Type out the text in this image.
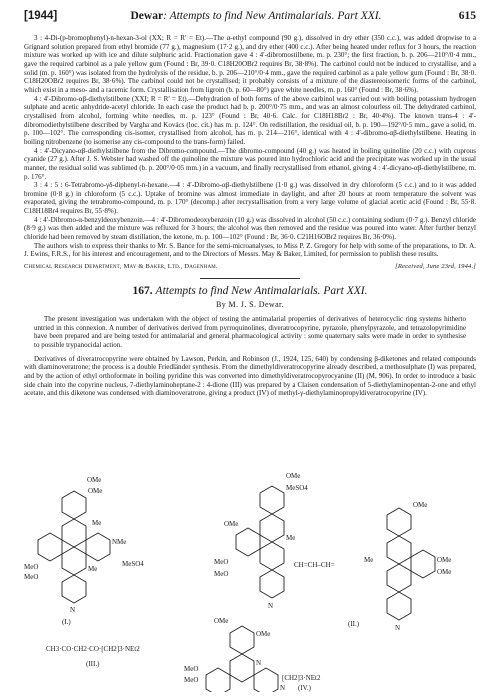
[1944]	Dewar: Attempts to find New Antimalarials. Part XXI.	615

3 : 4-Di-(p-bromophenyl)-n-hexan-3-ol (XX; R = R′ = Et).—The α-ethyl compound (90 g.), dissolved in dry ether (350 c.c.), was added dropwise to a Grignard solution prepared from ethyl bromide (77 g.), magnesium (17·2 g.), and dry ether (400 c.c.). After being heated under reflux for 3 hours, the reaction mixture was worked up with ice and dilute sulphuric acid. Fractionation gave 4 : 4′-dibromostilbene, m. p. 230°; the first fraction, b. p. 206—210°/0·4 mm., gave the required carbinol as a pale yellow gum (Found : Br, 39·0. C18H20OBr2 requires Br, 38·8%). The carbinol could not be induced to crystallise, and a solid (m. p. 160°) was isolated from the hydrolysis of the residue, b. p. 206—210°/0·4 mm., gave the required carbinol as a pale yellow gum (Found : Br, 38·0. C18H20OBr2 requires Br, 38·6%). The carbinol could not be crystallised; it probably consists of a mixture of the diastereoisomeric forms of the carbinol, which exist in a meso- and a racemic form. Crystallisation from ligroin (b. p. 60—80°) gave white needles, m. p. 160° (Found : Br, 38·6%).

4 : 4′-Dibromo-αβ-diethylstilbene (XXI; R = R′ = Et).—Dehydration of both forms of the above carbinol was carried out with boiling potassium hydrogen sulphate and acetic anhydride-acetyl chloride. In each case the product had b. p. 200°/0·75 mm., and was an almost colourless oil. The dehydrated carbinol, crystallised from alcohol, forming white needles, m. p. 123° (Found : Br, 40·6. Calc. for C18H18Br2 : Br, 40·4%). The known trans-4 : 4′-dibromodiethylstilbene described by Vargha and Kovács (loc. cit.) has m. p. 124°. On redistillation, the residual oil, b. p. 190—192°/0·5 mm., gave a solid, m. p. 100—102°. The corresponding cis-isomer, crystallised from alcohol, has m. p. 214—216°, identical with 4 : 4′-dibromo-αβ-diethylstilbene. Heating in boiling nitrobenzene (to isomerise any cis-compound to the trans-form) failed.

4 : 4′-Dicyano-αβ-diethylstilbene from the Dibromo-compound.—The dibromo-compound (40 g.) was heated in boiling quinoline (20 c.c.) with cuprous cyanide (27 g.). After J. S. Webster had washed off the quinoline the mixture was poured into hydrochloric acid and the precipitate was worked up in the usual manner, the residual solid was sublimed (b. p. 200°/0·05 mm.) in a vacuum, and finally recrystallised from ethanol, giving 4 : 4′-dicyano-αβ-diethylstilbene, m. p. 176°.

3 : 4 : 5 : 6-Tetrabromo-γδ-diphenyl-n-hexane.—4 : 4′-Dibromo-αβ-diethylstilbene (1·0 g.) was dissolved in dry chloroform (5 c.c.) and to it was added bromine (0·8 g.) in chloroform (5 c.c.). Uptake of bromine was almost immediate in daylight, and after 20 hours at room temperature the solvent was evaporated, giving the tetrabromo-compound, m. p. 170° (decomp.) after recrystallisation from a very large volume of glacial acetic acid (Found : Br, 55·8. C18H18Br4 requires Br, 55·8%).

4 : 4′-Dibromo-α-benzyldeoxybenzoin.—4 : 4′-Dibromodeoxybenzoin (10 g.) was dissolved in alcohol (50 c.c.) containing sodium (0·7 g.). Benzyl chloride (8·9 g.) was then added and the mixture was refluxed for 3 hours; the alcohol was then removed and the residue was poured into water. After further benzyl chloride had been removed by steam distillation, the ketone, m. p. 100—102° (Found : Br, 36·0. C21H16OBr2 requires Br, 36·0%).

The authors wish to express their thanks to Mr. S. Bance for the semi-microanalyses, to Miss P. Z. Gregory for help with some of the preparations, to Dr. A. J. Ewins, F.R.S., for his interest and encouragement, and to the Directors of Messrs. May & Baker, Limited, for permission to publish these results.

Chemical Research Department, May & Baker, Ltd., Dagenham.	[Received, June 23rd, 1944.]
167. Attempts to find New Antimalarials. Part XXI.
By M. J. S. Dewar.

The present investigation was undertaken with the object of testing the antimalarial properties of derivatives of heterocyclic ring systems hitherto untried in this connexion. A number of derivatives derived from pyrroquinolines, diveratrocopyrine, pyrazole, phenylpyrazole, and tetrazolopyrimidine have been prepared and are being tested for antimalarial and general pharmacological activity : some quaternary salts were made in order to synthesise to possible trypanocidal action.

Derivatives of diveratrocopyrine were obtained by Lawson, Perkin, and Robinson (J., 1924, 125, 640) by condensing β-diketones and related compounds with diaminoveratrone; the process is a double Friedländer synthesis. From the dimethyldiveratrocopyrine already described, a methosulphate (I) was prepared, and by the action of ethyl orthoformate in boiling pyridine this was converted into dimethyldiveratrocopyrocyanine (II) (M, 906). In order to introduce a basic side chain into the copyrine nucleus, 7-diethylaminoheptane-2 : 4-dione (III) was prepared by a Claisen condensation of 5-diethylaminopentan-2-one and ethyl acetate, and this diketone was condensed with diaminoveratrone, giving a product (IV) of methyl-γ-diethylaminopropyldiveratrocopyrine (IV).

OMe
OMe
Me
NMe
MeSO4
MeO
MeO
Me
N
(I.)
OMe
MeSO4
OMe
Me
CH=CH–CH=
MeO
MeO
N
OMe
Me	OMe
OMe
N
(II.)
CH3·CO·CH2·CO·[CH2]3·NEt2
(III.)
OMe
OMe
N
MeO
MeO	[CH2]3·NEt2
N (IV.)
